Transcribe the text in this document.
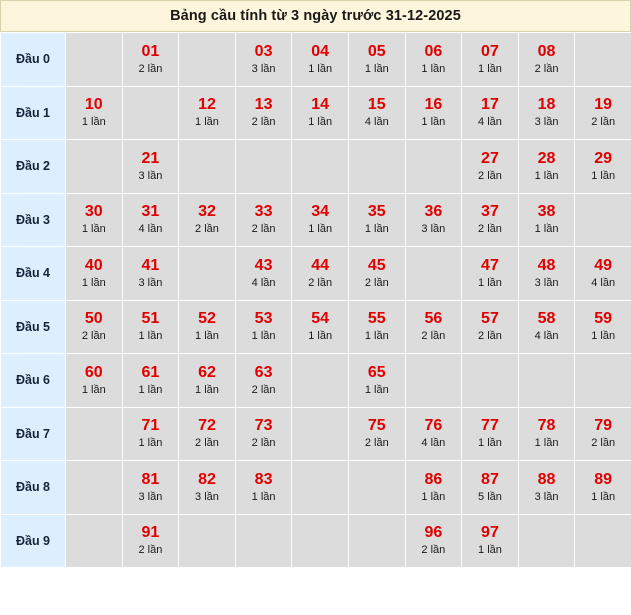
Bảng cầu tính từ 3 ngày trước 31-12-2025
Đầu 0		01
2 lần		03
3 lần	04
1 lần	05
1 lần	06
1 lần	07
1 lần	08
2 lần	

Đầu 1	10
1 lần		12
1 lần	13
2 lần	14
1 lần	15
4 lần	16
1 lần	17
4 lần	18
3 lần	19
2 lần

Đầu 2		21
3 lần						27
2 lần	28
1 lần	29
1 lần

Đầu 3	30
1 lần	31
4 lần	32
2 lần	33
2 lần	34
1 lần	35
1 lần	36
3 lần	37
2 lần	38
1 lần	

Đầu 4	40
1 lần	41
3 lần		43
4 lần	44
2 lần	45
2 lần		47
1 lần	48
3 lần	49
4 lần

Đầu 5	50
2 lần	51
1 lần	52
1 lần	53
1 lần	54
1 lần	55
1 lần	56
2 lần	57
2 lần	58
4 lần	59
1 lần

Đầu 6	60
1 lần	61
1 lần	62
1 lần	63
2 lần		65
1 lần				

Đầu 7		71
1 lần	72
2 lần	73
2 lần		75
2 lần	76
4 lần	77
1 lần	78
1 lần	79
2 lần

Đầu 8		81
3 lần	82
3 lần	83
1 lần			86
1 lần	87
5 lần	88
3 lần	89
1 lần

Đầu 9		91
2 lần					96
2 lần	97
1 lần		
